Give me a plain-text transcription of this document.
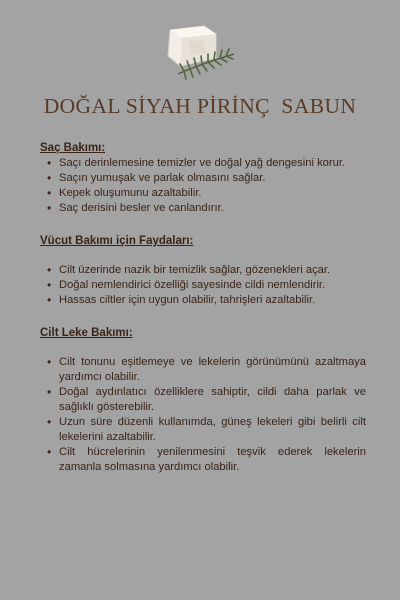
DOĞAL SİYAH PİRİNÇ  SABUN
Saç Bakımı:
• Saçı derinlemesine temizler ve doğal yağ dengesini korur.
• Saçın yumuşak ve parlak olmasını sağlar.
• Kepek oluşumunu azaltabilir.
• Saç derisini besler ve canlandırır.
Vücut Bakımı için Faydaları:
• Cilt üzerinde nazik bir temizlik sağlar, gözenekleri açar.
• Doğal nemlendirici özelliği sayesinde cildi nemlendirir.
• Hassas ciltler için uygun olabilir, tahrişleri azaltabilir.
Cilt Leke Bakımı:
• Cilt tonunu eşitlemeye ve lekelerin görünümünü azaltmaya yardımcı olabilir.
• Doğal aydınlatıcı özelliklere sahiptir, cildi daha parlak ve sağlıklı gösterebilir.
• Uzun süre düzenli kullanımda, güneş lekeleri gibi belirli cilt lekelerini azaltabilir.
• Cilt hücrelerinin yenilenmesini teşvik ederek lekelerin zamanla solmasına yardımcı olabilir.
